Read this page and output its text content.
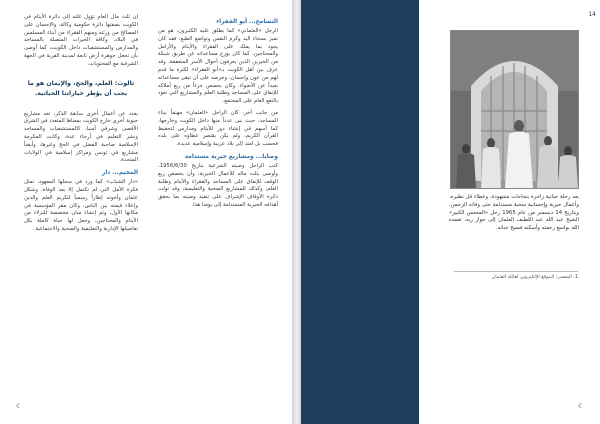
14

إن ثلث مال العام تؤول غلته إلى دائرة الأيتام في الكويت بصفتها دائرة حكومية وكالة، والإحسان على المصالح من ورثته ومنهم الفقراء من أبناء المسلمين في البلاد، وكافة الخيرات المتصلة بالمساجد والمدارس والمستشفيات داخل الكويت، كما أوصى بأن تجعل جوهرة أرض تابعة لمدينة القرية في الجهة الشرقية مع المحتويات.

ثالوث: العلم، والحج، والإيمان هو ما يجب أن يؤطر خياراتنا الحياتية.

يعدد عن أعمال أخرى سابقة الذكر، تعد مشاريع حيوية أخرى خارج الكويت بمعناها المتعدد في الشرق الأقصى وشرقي آسيا، كالمستشفيات والمساجد ونشر التعليم في أرجاء عدة، وكانت المكرمة الإسلامية صاحبة الفضل في الحج وغيرها، وأيضاً مشاريع في تونس ومراكز إسلامية في الولايات المتحدة.

المخيم... دار

«دار الشباب» كما ورد في سجلها المعهود، تمثل فكرة الأمل التي لم تكتمل إلا بعد الوفاة، وشكل عثمان وأخوته إطاراً رسمياً لتكريم العلم والدين وإعلاء قيمته بين الناس، وكان مقر المؤسسة في مكانها الأول، وتم إنشاء مبان مخصصة للنزلاء من الأيتام والمحتاجين، وجعل لها حياة كاملة بكل تفاصيلها الإدارية والتعليمية والصحية والاجتماعية.

التسامح... أبو الفقراء

الرجل «العثماني» كما يطلق عليه الكثيرون، هو من تميز بسخاء اليد وكرم النفس وتواضع الطبع، فقد كان يجود بما يملك على الفقراء والأيتام والأرامل والمحتاجين، كما كان يوزع مساعداته عن طريق شبكة من الخيرين الذين يعرفون أحوال الأسر المتعففة، وقد عرف بين أهل الكويت بـ«أبو الفقراء» لكثرة ما قدم لهم من عون وإحسان، وحرصه على أن تبقى مساعداته بعيداً عن الأضواء. وكان يخصص جزءاً من ريع أملاكه للإنفاق على المساجد وطلبة العلم والمشاريع التي تعود بالنفع العام على المجتمع.

من جانب آخر، كان الراحل «العثمان» مهتماً ببناء المساجد، حيث بنى عدداً منها داخل الكويت وخارجها، كما أسهم في إنشاء دور للأيتام ومدارس لتحفيظ القرآن الكريم، ولم يكن يقتصر عطاؤه على بلده فحسب بل امتد إلى بلاد عربية وإسلامية عديدة.

وصايا... ومشاريع خيرية مستدامة

كتب الراحل وصيته الشرعية بتاريخ 1956/6/30، وأوصى بثلث ماله للأعمال الخيرية، وأن يخصص ريع الوقف للإنفاق على المساجد والفقراء والأيتام وطلبة العلم، وكذلك للمشاريع الصحية والتعليمية، وقد تولت دائرة الأوقاف الإشراف على تنفيذ وصيته بما يحقق أهدافه الخيرية المستدامة إلى يومنا هذا.

بعد رحلة حياتية زاخرة بنجاحات مشهودة، وعطاء قل نظيره، وأعمال خيرية وإحسانية سخية مستدامة حتى وفاته الرحمن، وبتاريخ 14 ديسمبر من عام 1965 رحل «المحسن الكبير» الشيخ عبد الله عبد اللطيف العثمان إلى جوار ربه، تغمده الله بواسع رحمته وأسكنه فسيح جنانه.
1. المصدر: الموقع الإلكتروني لعائلة العثمان
☾	☾
